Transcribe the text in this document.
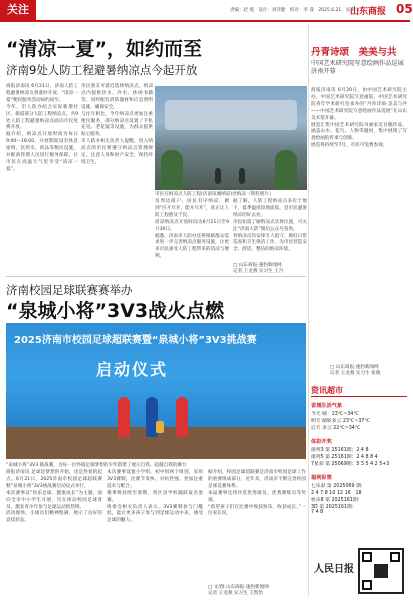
关注	责编：赵 燕　设计：刘洋健　校对：李 睿　2025.6.21　星期六
山东商报 05
“清凉一夏”，如约而至
济南9处人防工程避暑纳凉点今起开放

商报济南讯 6月21日，济南人防工程避暑纳凉点将准时开放，“清凉一夏”便民服务活动如约而至。

今年，市人防办结合实际新增社区、街道部分人防工程纳凉点，共9处人防工程避暑纳凉点面向市民免费开放。

据介绍，纳凉点开放时间为每日9:00—18:00，开放期间设有休息座椅、饮用水、药品等便民设施，并配备管理人员进行服务保障，让市民在高温天气里享受“清凉一夏”。

市民朋友可就近选择纳凉点。纳凉点内提供热水、冷水、休闲书籍等，同时配有消防器材和应急照明设施，确保安全。

与往年相比，今年纳凉点更加注重便民服务，部分纳凉点设置了手机充电、老花镜等设施，为群众提供贴心服务。

市人防办相关负责人提醒，进入纳凉点的市民要遵守纳凉点管理规定，注意人身和财产安全，保持环境卫生。

市民在纳凉点人防工程(济南泉城纳凉)处纳凉（资料照片）

及周边商户、居民有序纳凉，做到“应开尽开、能开尽开”，真正让人防工程惠及于民。

清凉纳凉点开放时间为6月21日至9月30日。

据悉，济南市人防办还将根据群众需求进一步完善纳凉点服务设施，让更多市民感受人防工程带来的清凉与便利。

据了解，人防工程纳凉点多位于地下，夏季温度较地面低，是市民避暑纳凉的好去处。

市民如需了解纳凉点具体位置，可关注“济南人防”微信公众号查询。

各纳凉点均安排专人值守，做好日常巡查和卫生保洁工作，为市民营造安全、舒适、整洁的纳凉环境。

□ 山东商报·速豹新闻网
记者 王龙燕 实习生 王月
济南校园足球联赛赛举办
“泉城小将”3V3战火点燃
2025济南市校园足球超联赛暨“泉城小将”3V3挑战赛
启动仪式
“泉城小将”3V3 挑战赛，为每一位怀揣足球梦想的少年搭建了展示自我、超越自我的舞台

商报济南讯 足球是梦想的开始，也是热爱的起点。6月21日，2025济南市校园足球超联赛暨“泉城小将”3V3挑战赛启动仪式举行。

本次赛事以“快乐足球、健康成长”为主题，面向全市中小学生开展，旨在推动校园足球普及，激发青少年参与足球运动的热情。

活动现场，小球员们精神饱满，展示了良好的竞技状态。

本次赛事设置小学组、初中组两个组别，采用3V3赛制，比赛节奏快、对抗性强，更加注重技术与配合。

赛事将持续至暑期，各区县学校踊跃报名参赛。

组委会相关负责人表示，3V3赛制参与门槛低，能让更多孩子参与到足球运动中来，感受足球的魅力。

据介绍，校园足球超联赛是济南市校园足球工作的重要组成部分，近年来，济南市不断完善校园足球竞赛体系。

本届赛事还将评选优秀球员、优秀教练员等奖项。

“希望孩子们在比赛中收获快乐、收获成长。”一位家长说。

□ 文/图 山东商报·速豹新闻网
记者 王龙燕 实习生 王凯怡
丹青诗颂　美美与共
中国艺术研究院写意绘画作品巡展济南开幕

商报济南讯 6月20日，由中国艺术研究院主办，中国艺术研究院写意画院、中国艺术研究院青年学术研究室承办的“丹青诗颂·美美与共——中国艺术研究院写意绘画作品巡展”在山东美术馆开幕。

展览汇集中国艺术研究院书画家近百幅作品，涵盖山水、花鸟、人物等题材，集中展现了写意绘画的传承与创新。

展览将持续至7月，市民可免费参观。

□ 山东商报·速豹新闻网
记者 王龙燕 实习生 张晓
资讯超市
省城生活气象
今天 晴　23℃~34℃
明天 晴转多云 23℃~37℃
后天 多云 22℃~34℃
体彩开奖
排列3 第 25161期：2 4 8
排列5 第 25161期：2 4 8 8 4
7星彩 第 25069期：5 3 5 4 2 5+3
福利彩票
七乐彩 第 2025069 期：
2 4 7 8 10 12 16　18
快乐8 第 2025161期：
3D 第 2025161期：
7 4 8
人民日报
